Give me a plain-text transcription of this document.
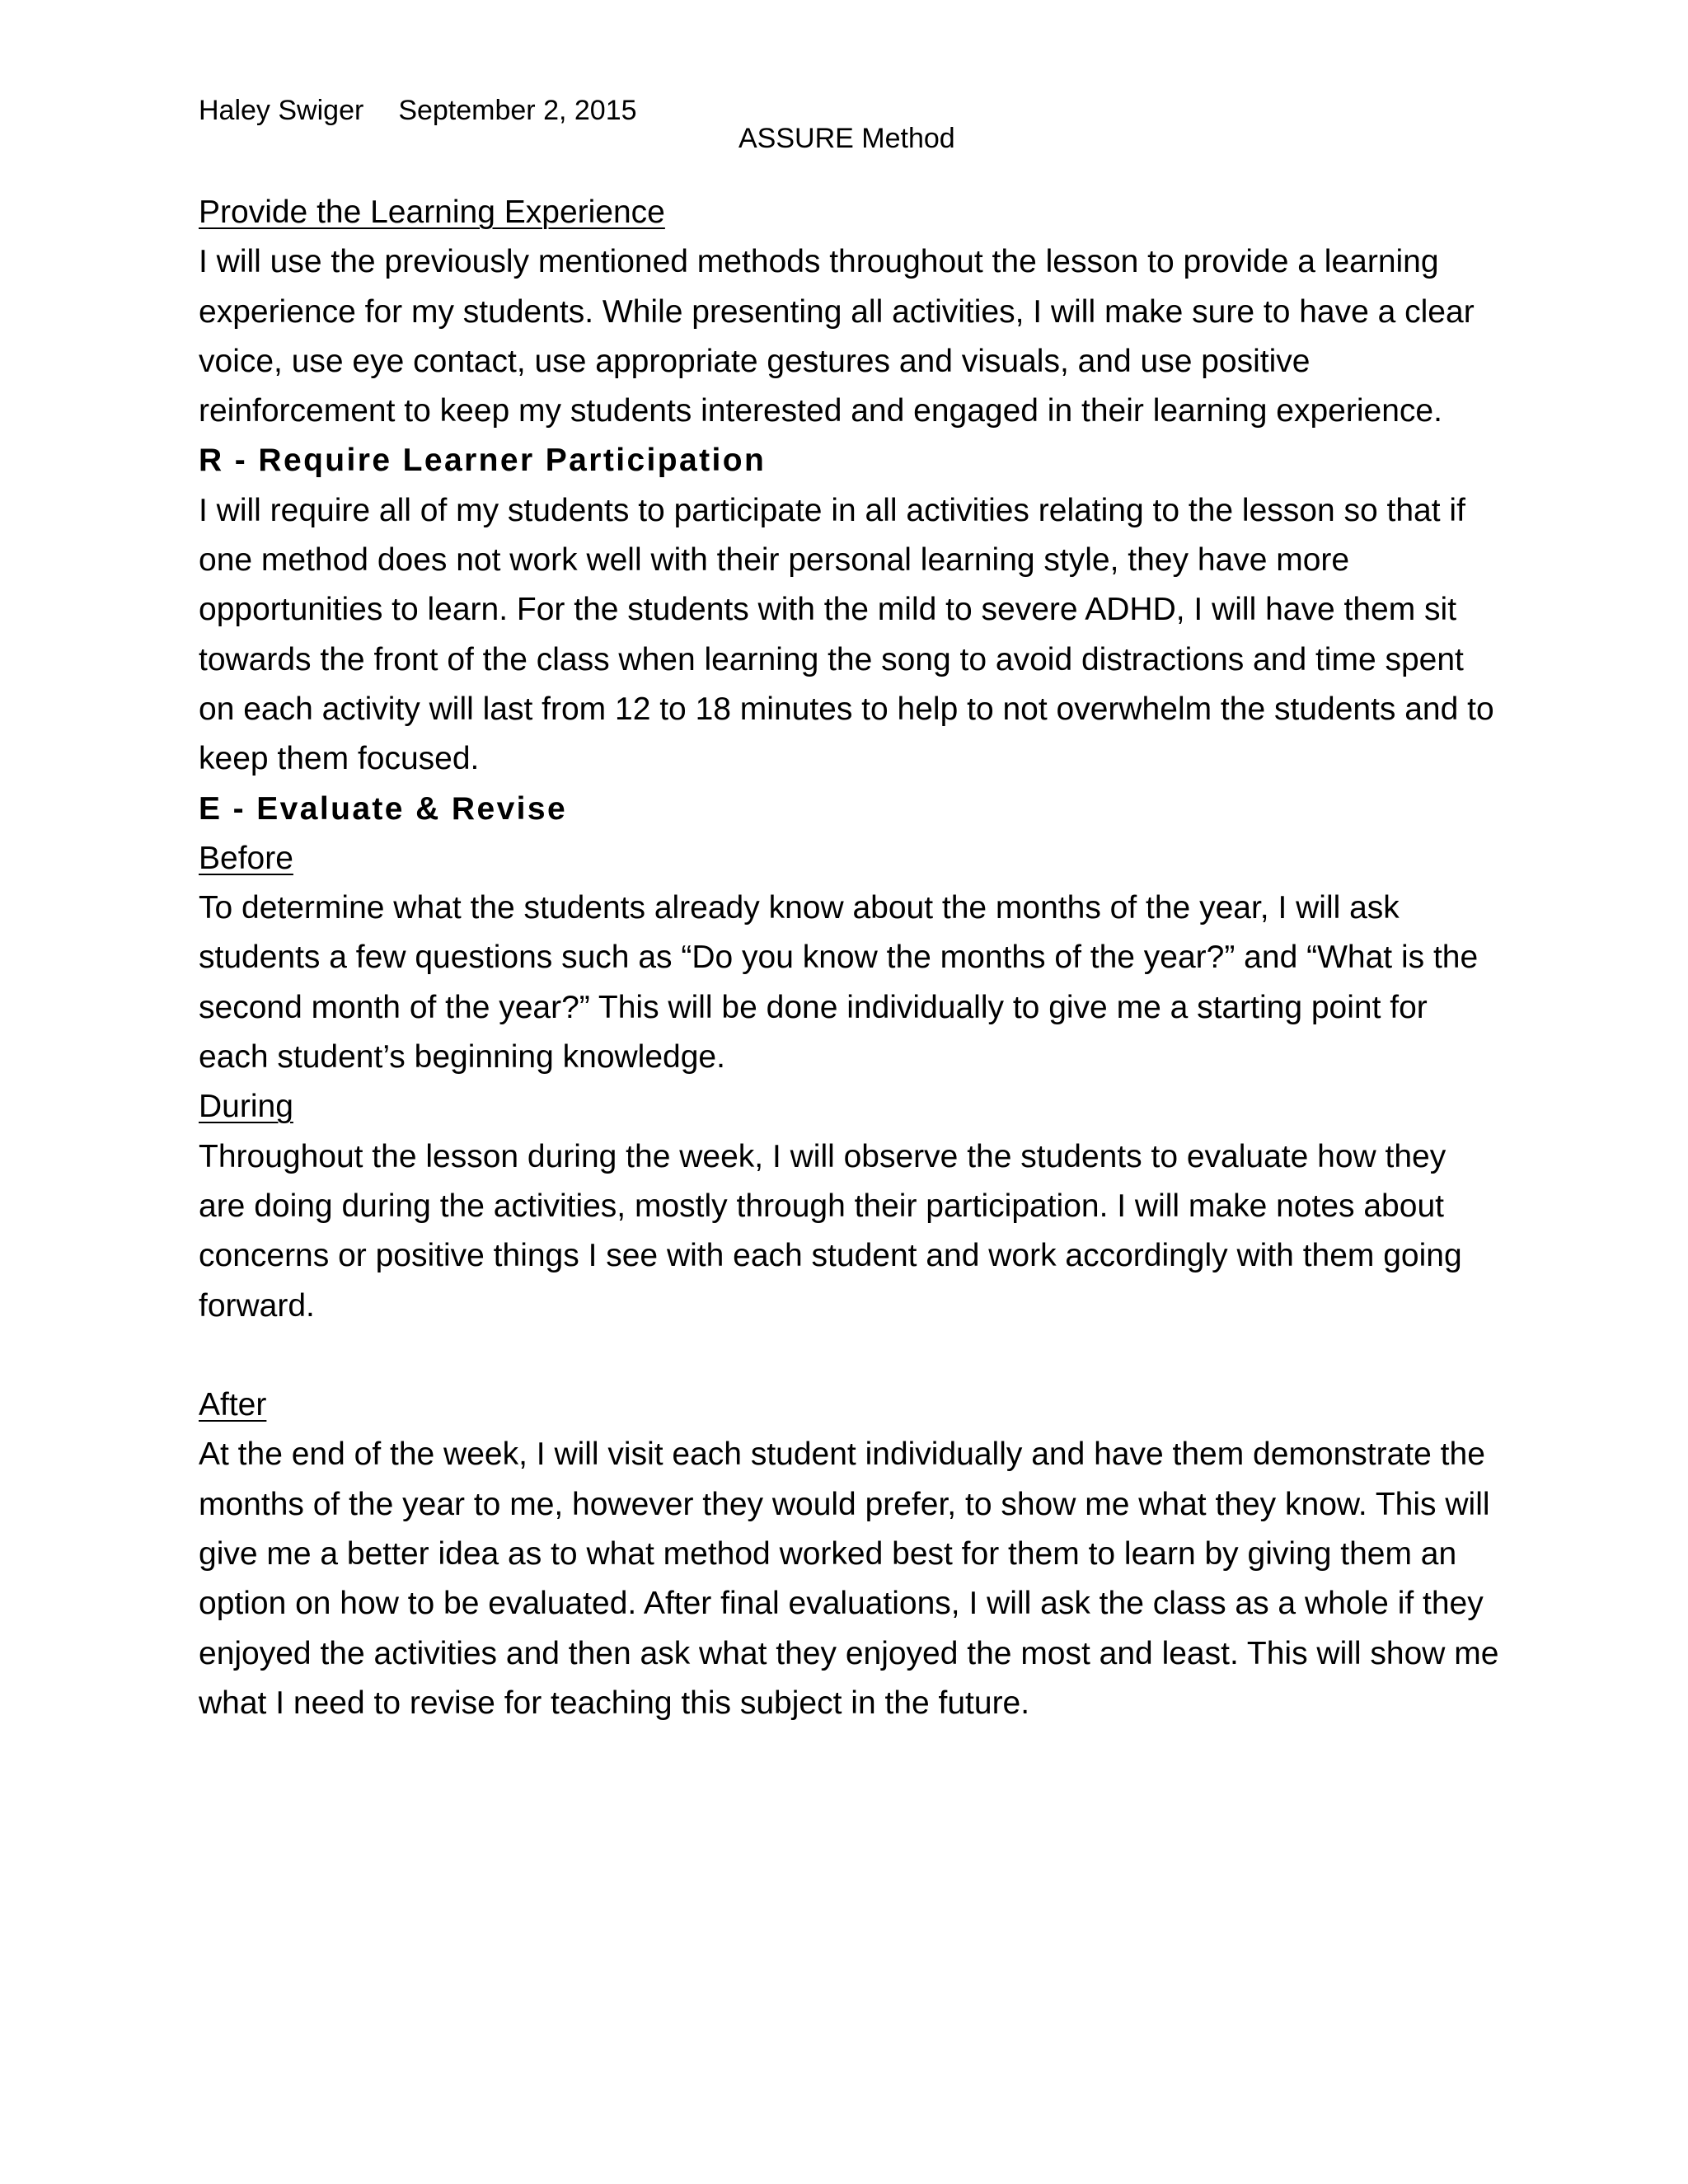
Haley Swiger September 2, 2015
ASSURE Method

Provide the Learning Experience

I will use the previously mentioned methods throughout the lesson to provide a learning experience for my students. While presenting all activities, I will make sure to have a clear voice, use eye contact, use appropriate gestures and visuals, and use positive reinforcement to keep my students interested and engaged in their learning experience.

R - Require Learner Participation

I will require all of my students to participate in all activities relating to the lesson so that if one method does not work well with their personal learning style, they have more opportunities to learn. For the students with the mild to severe ADHD, I will have them sit towards the front of the class when learning the song to avoid distractions and time spent on each activity will last from 12 to 18 minutes to help to not overwhelm the students and to keep them focused.

E - Evaluate & Revise

Before

To determine what the students already know about the months of the year, I will ask students a few questions such as “Do you know the months of the year?” and “What is the second month of the year?” This will be done individually to give me a starting point for each student’s beginning knowledge.

During

Throughout the lesson during the week, I will observe the students to evaluate how they are doing during the activities, mostly through their participation. I will make notes about concerns or positive things I see with each student and work accordingly with them going forward.

After

At the end of the week, I will visit each student individually and have them demonstrate the months of the year to me, however they would prefer, to show me what they know. This will give me a better idea as to what method worked best for them to learn by giving them an option on how to be evaluated. After final evaluations, I will ask the class as a whole if they enjoyed the activities and then ask what they enjoyed the most and least. This will show me what I need to revise for teaching this subject in the future.
